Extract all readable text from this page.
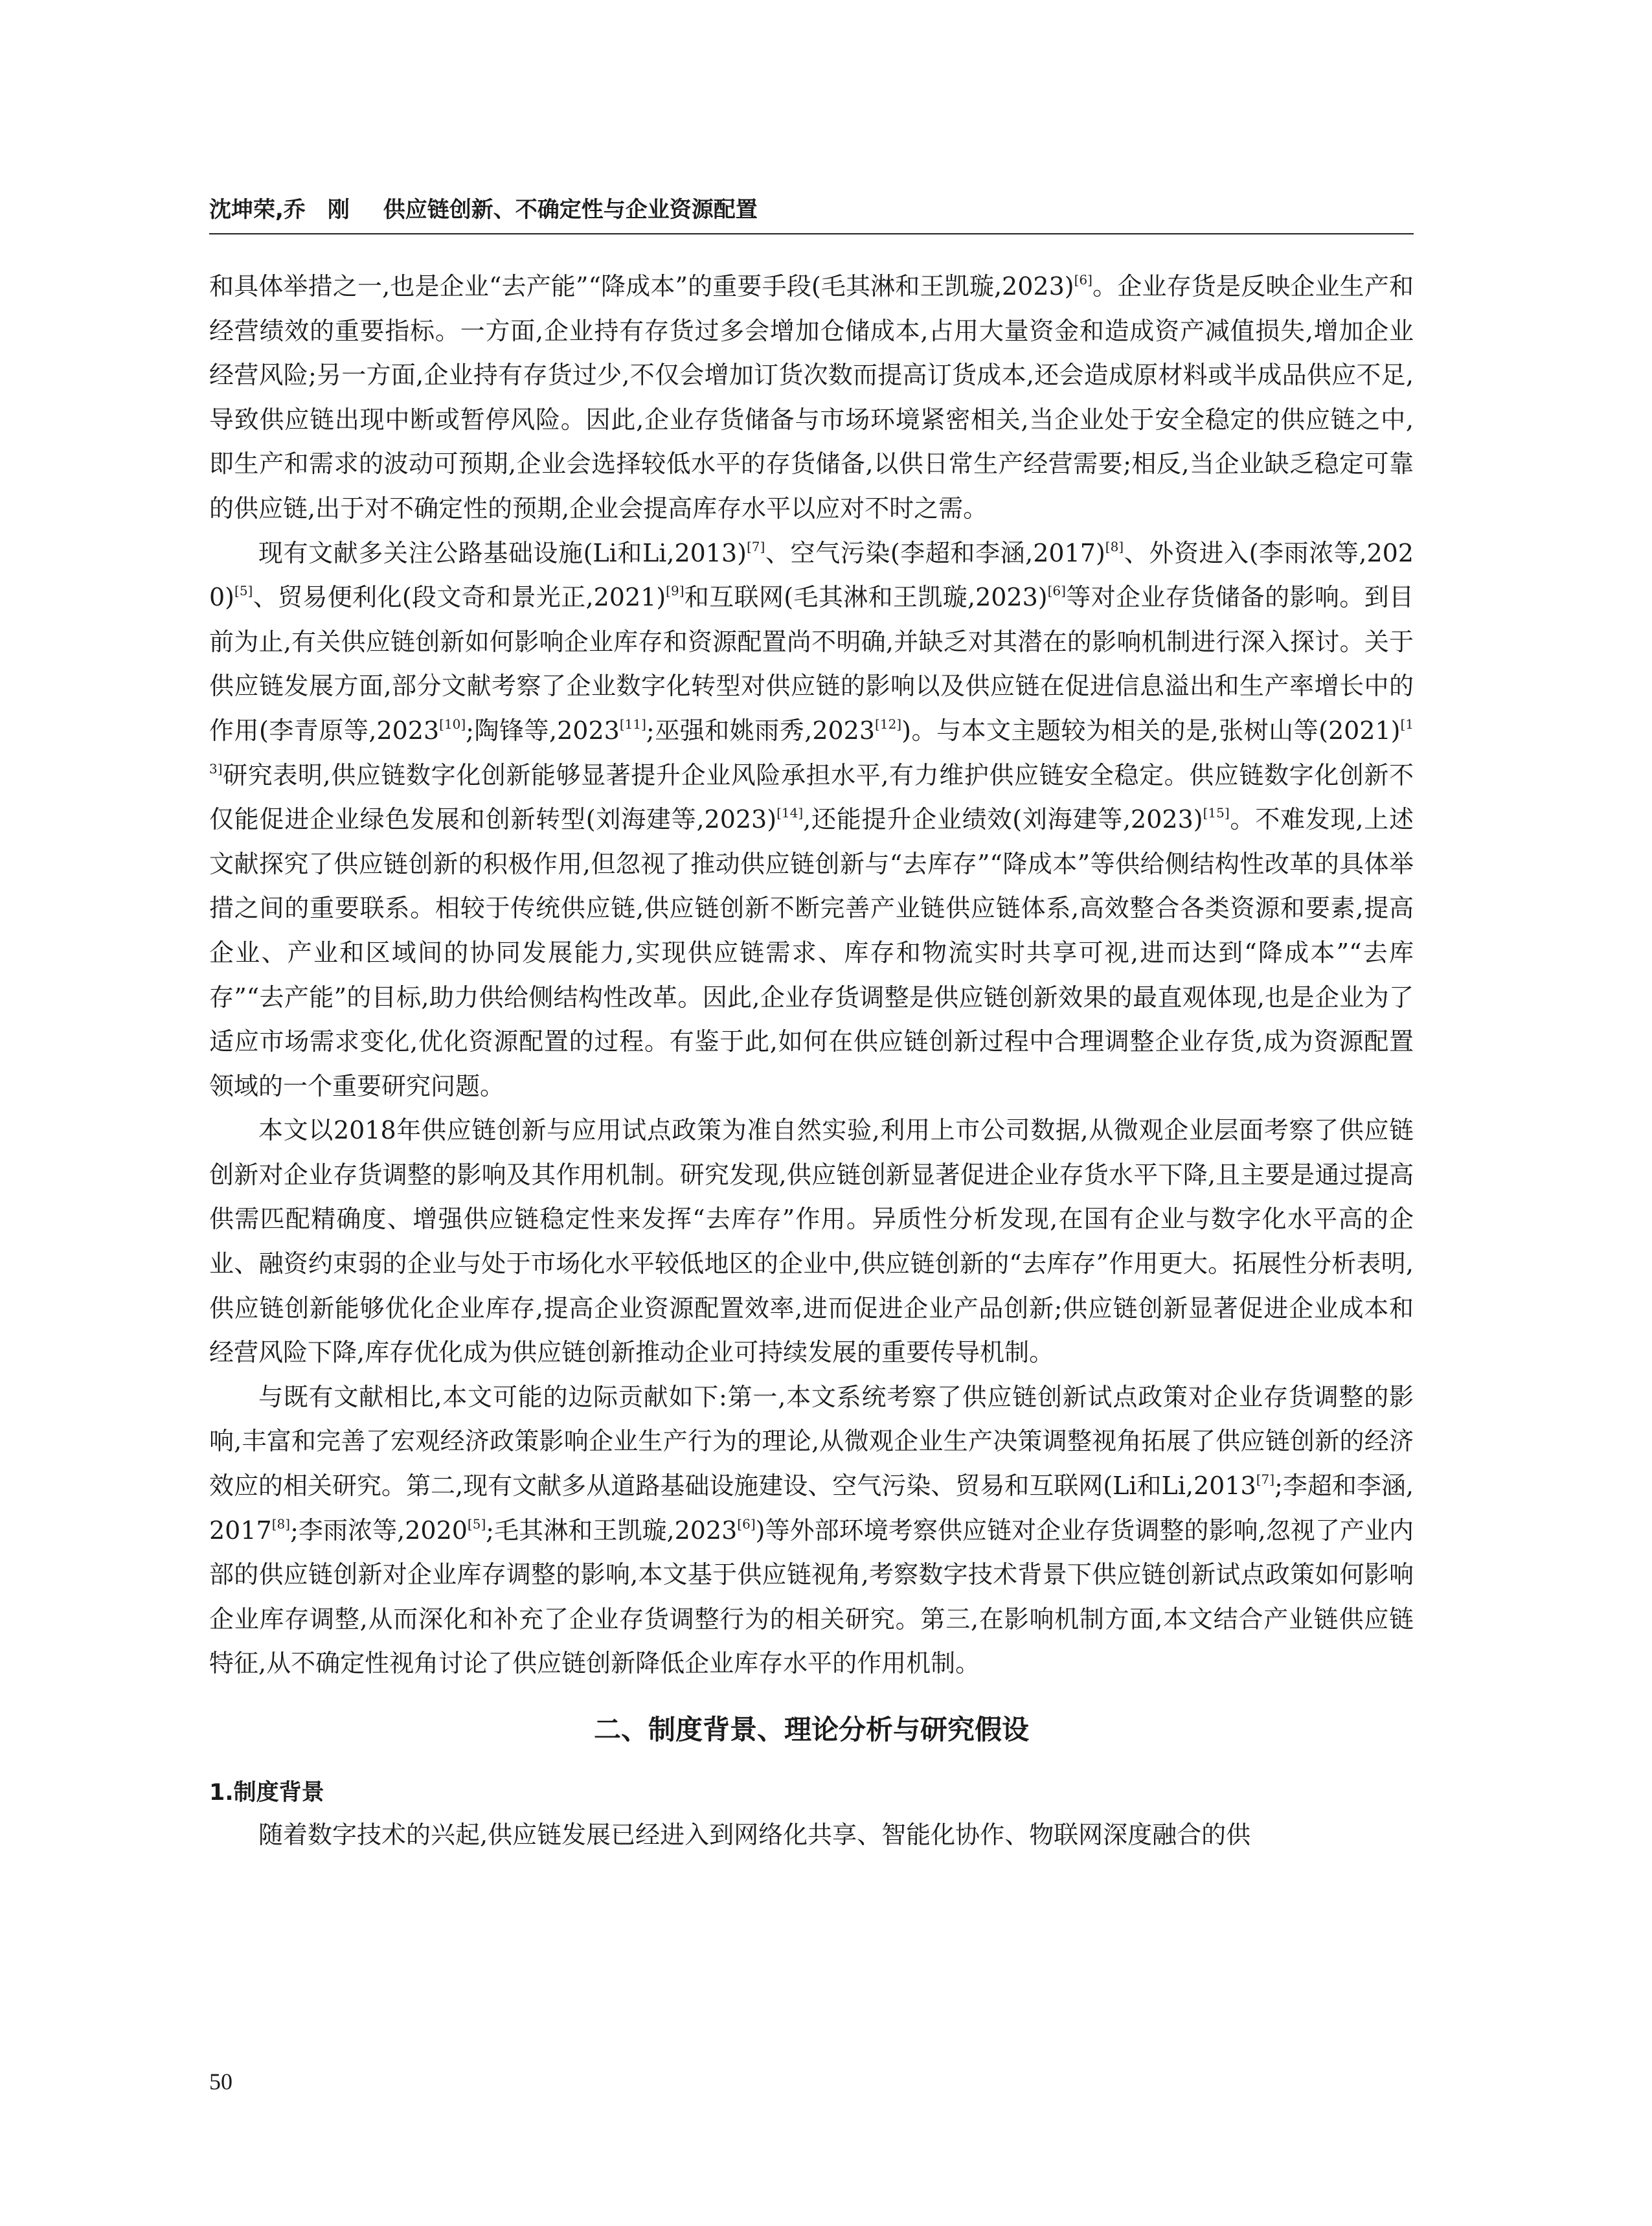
沈坤荣,乔　刚 供应链创新、不确定性与企业资源配置

和具体举措之一,也是企业“去产能”“降成本”的重要手段(毛其淋和王凯璇,2023)[6]。企业存货是反映企业生产和经营绩效的重要指标。一方面,企业持有存货过多会增加仓储成本,占用大量资金和造成资产减值损失,增加企业经营风险;另一方面,企业持有存货过少,不仅会增加订货次数而提高订货成本,还会造成原材料或半成品供应不足,导致供应链出现中断或暂停风险。因此,企业存货储备与市场环境紧密相关,当企业处于安全稳定的供应链之中,即生产和需求的波动可预期,企业会选择较低水平的存货储备,以供日常生产经营需要;相反,当企业缺乏稳定可靠的供应链,出于对不确定性的预期,企业会提高库存水平以应对不时之需。

现有文献多关注公路基础设施(Li和Li,2013)[7]、空气污染(李超和李涵,2017)[8]、外资进入(李雨浓等,2020)[5]、贸易便利化(段文奇和景光正,2021)[9]和互联网(毛其淋和王凯璇,2023)[6]等对企业存货储备的影响。到目前为止,有关供应链创新如何影响企业库存和资源配置尚不明确,并缺乏对其潜在的影响机制进行深入探讨。关于供应链发展方面,部分文献考察了企业数字化转型对供应链的影响以及供应链在促进信息溢出和生产率增长中的作用(李青原等,2023[10];陶锋等,2023[11];巫强和姚雨秀,2023[12])。与本文主题较为相关的是,张树山等(2021)[13]研究表明,供应链数字化创新能够显著提升企业风险承担水平,有力维护供应链安全稳定。供应链数字化创新不仅能促进企业绿色发展和创新转型(刘海建等,2023)[14],还能提升企业绩效(刘海建等,2023)[15]。不难发现,上述文献探究了供应链创新的积极作用,但忽视了推动供应链创新与“去库存”“降成本”等供给侧结构性改革的具体举措之间的重要联系。相较于传统供应链,供应链创新不断完善产业链供应链体系,高效整合各类资源和要素,提高企业、产业和区域间的协同发展能力,实现供应链需求、库存和物流实时共享可视,进而达到“降成本”“去库存”“去产能”的目标,助力供给侧结构性改革。因此,企业存货调整是供应链创新效果的最直观体现,也是企业为了适应市场需求变化,优化资源配置的过程。有鉴于此,如何在供应链创新过程中合理调整企业存货,成为资源配置领域的一个重要研究问题。

本文以2018年供应链创新与应用试点政策为准自然实验,利用上市公司数据,从微观企业层面考察了供应链创新对企业存货调整的影响及其作用机制。研究发现,供应链创新显著促进企业存货水平下降,且主要是通过提高供需匹配精确度、增强供应链稳定性来发挥“去库存”作用。异质性分析发现,在国有企业与数字化水平高的企业、融资约束弱的企业与处于市场化水平较低地区的企业中,供应链创新的“去库存”作用更大。拓展性分析表明,供应链创新能够优化企业库存,提高企业资源配置效率,进而促进企业产品创新;供应链创新显著促进企业成本和经营风险下降,库存优化成为供应链创新推动企业可持续发展的重要传导机制。

与既有文献相比,本文可能的边际贡献如下:第一,本文系统考察了供应链创新试点政策对企业存货调整的影响,丰富和完善了宏观经济政策影响企业生产行为的理论,从微观企业生产决策调整视角拓展了供应链创新的经济效应的相关研究。第二,现有文献多从道路基础设施建设、空气污染、贸易和互联网(Li和Li,2013[7];李超和李涵,2017[8];李雨浓等,2020[5];毛其淋和王凯璇,2023[6])等外部环境考察供应链对企业存货调整的影响,忽视了产业内部的供应链创新对企业库存调整的影响,本文基于供应链视角,考察数字技术背景下供应链创新试点政策如何影响企业库存调整,从而深化和补充了企业存货调整行为的相关研究。第三,在影响机制方面,本文结合产业链供应链特征,从不确定性视角讨论了供应链创新降低企业库存水平的作用机制。

二、制度背景、理论分析与研究假设

1.制度背景

随着数字技术的兴起,供应链发展已经进入到网络化共享、智能化协作、物联网深度融合的供

50
